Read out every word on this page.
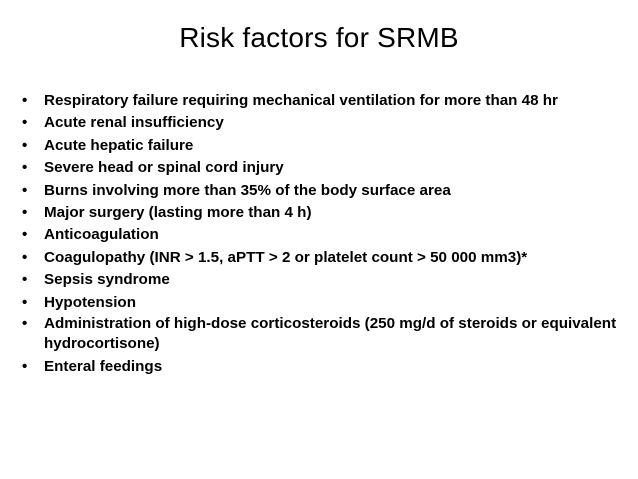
Risk factors for SRMB
• Respiratory failure requiring mechanical ventilation for more than 48 hr
• Acute renal insufficiency
• Acute hepatic failure
• Severe head or spinal cord injury
• Burns involving more than 35% of the body surface area
• Major surgery (lasting more than 4 h)
• Anticoagulation
• Coagulopathy (INR > 1.5, aPTT > 2 or platelet count > 50 000 mm3)*
• Sepsis syndrome
• Hypotension
• Administration of high-dose corticosteroids (250 mg/d of steroids or equivalent hydrocortisone)
• Enteral feedings
